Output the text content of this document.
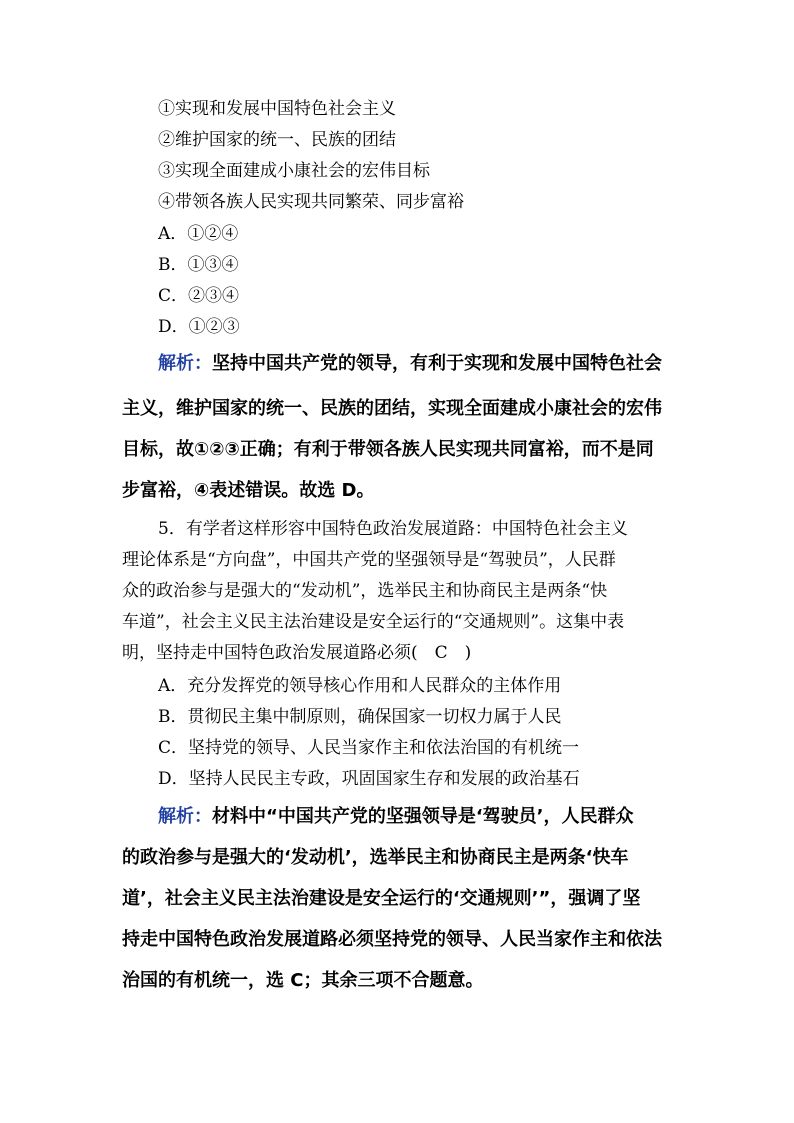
①实现和发展中国特色社会主义
②维护国家的统一、民族的团结
③实现全面建成小康社会的宏伟目标
④带领各族人民实现共同繁荣、同步富裕
A．①②④
B．①③④
C．②③④
D．①②③
解析：坚持中国共产党的领导，有利于实现和发展中国特色社会
主义，维护国家的统一、民族的团结，实现全面建成小康社会的宏伟
目标，故①②③正确；有利于带领各族人民实现共同富裕，而不是同
步富裕，④表述错误。故选 D。
5．有学者这样形容中国特色政治发展道路：中国特色社会主义
理论体系是“方向盘”，中国共产党的坚强领导是“驾驶员”，人民群
众的政治参与是强大的“发动机”，选举民主和协商民主是两条“快
车道”，社会主义民主法治建设是安全运行的“交通规则”。这集中表
明，坚持走中国特色政治发展道路必须(　C　)
A．充分发挥党的领导核心作用和人民群众的主体作用
B．贯彻民主集中制原则，确保国家一切权力属于人民
C．坚持党的领导、人民当家作主和依法治国的有机统一
D．坚持人民民主专政，巩固国家生存和发展的政治基石
解析：材料中“中国共产党的坚强领导是‘驾驶员’，人民群众
的政治参与是强大的‘发动机’，选举民主和协商民主是两条‘快车
道’，社会主义民主法治建设是安全运行的‘交通规则’”，强调了坚
持走中国特色政治发展道路必须坚持党的领导、人民当家作主和依法
治国的有机统一，选 C；其余三项不合题意。
